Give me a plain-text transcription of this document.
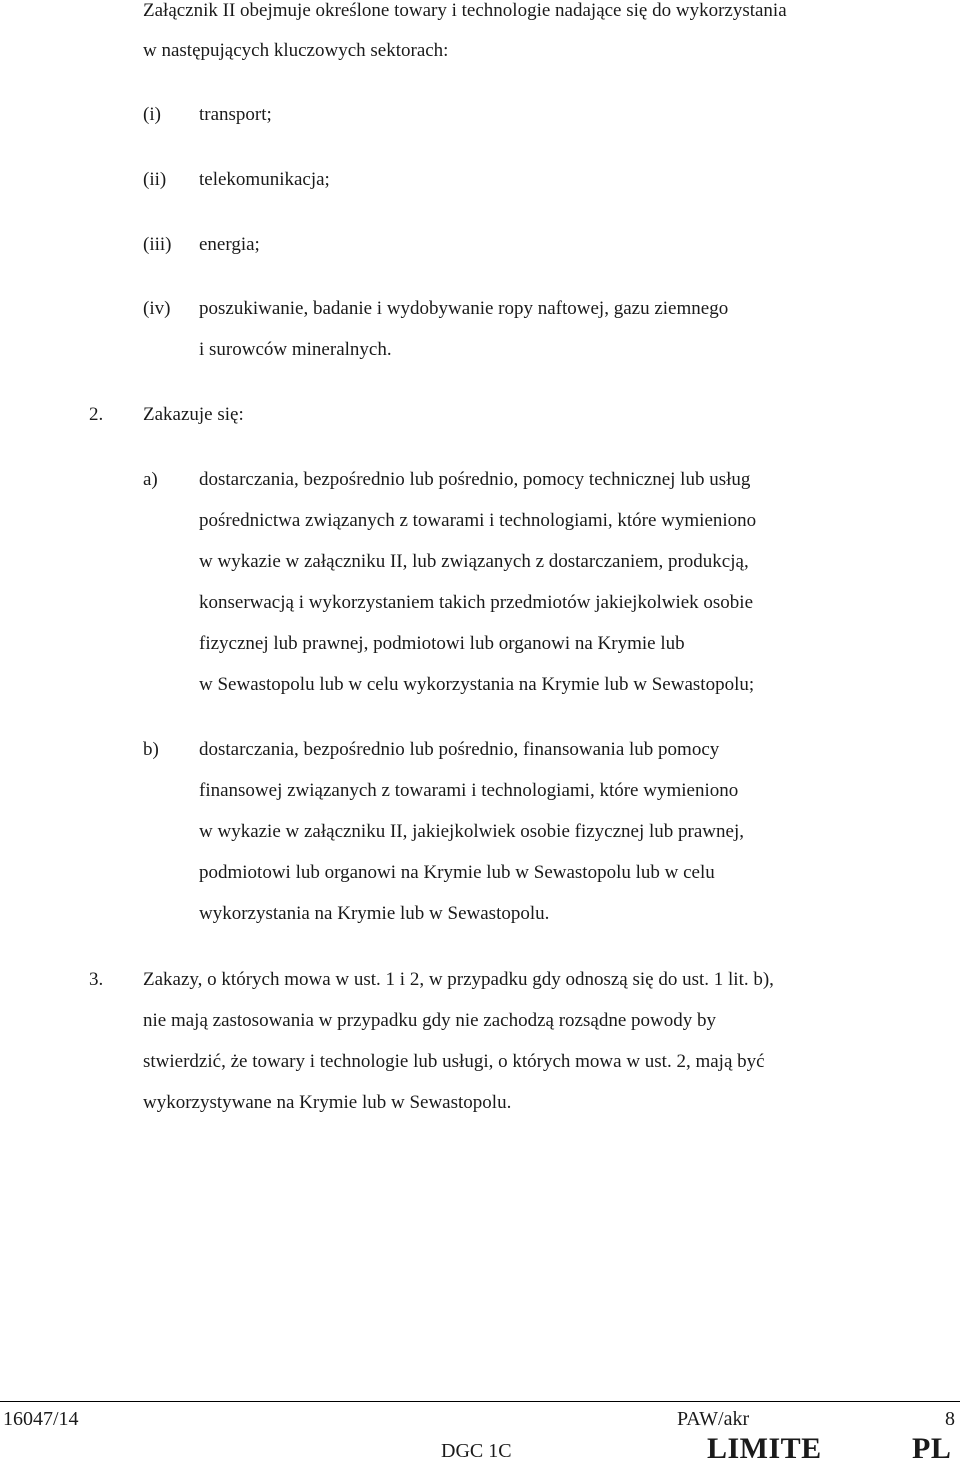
Załącznik II obejmuje określone towary i technologie nadające się do wykorzystania
w następujących kluczowych sektorach:
(i) transport;
(ii) telekomunikacja;
(iii) energia;
(iv) poszukiwanie, badanie i wydobywanie ropy naftowej, gazu ziemnego
i surowców mineralnych.
2. Zakazuje się:
a) dostarczania, bezpośrednio lub pośrednio, pomocy technicznej lub usług
pośrednictwa związanych z towarami i technologiami, które wymieniono
w wykazie w załączniku II, lub związanych z dostarczaniem, produkcją,
konserwacją i wykorzystaniem takich przedmiotów jakiejkolwiek osobie
fizycznej lub prawnej, podmiotowi lub organowi na Krymie lub
w Sewastopolu lub w celu wykorzystania na Krymie lub w Sewastopolu;
b) dostarczania, bezpośrednio lub pośrednio, finansowania lub pomocy
finansowej związanych z towarami i technologiami, które wymieniono
w wykazie w załączniku II, jakiejkolwiek osobie fizycznej lub prawnej,
podmiotowi lub organowi na Krymie lub w Sewastopolu lub w celu
wykorzystania na Krymie lub w Sewastopolu.
3. Zakazy, o których mowa w ust. 1 i 2, w przypadku gdy odnoszą się do ust. 1 lit. b),
nie mają zastosowania w przypadku gdy nie zachodzą rozsądne powody by
stwierdzić, że towary i technologie lub usługi, o których mowa w ust. 2, mają być
wykorzystywane na Krymie lub w Sewastopolu.
16047/14	PAW/akr	8
DGC 1C	LIMITE	PL
